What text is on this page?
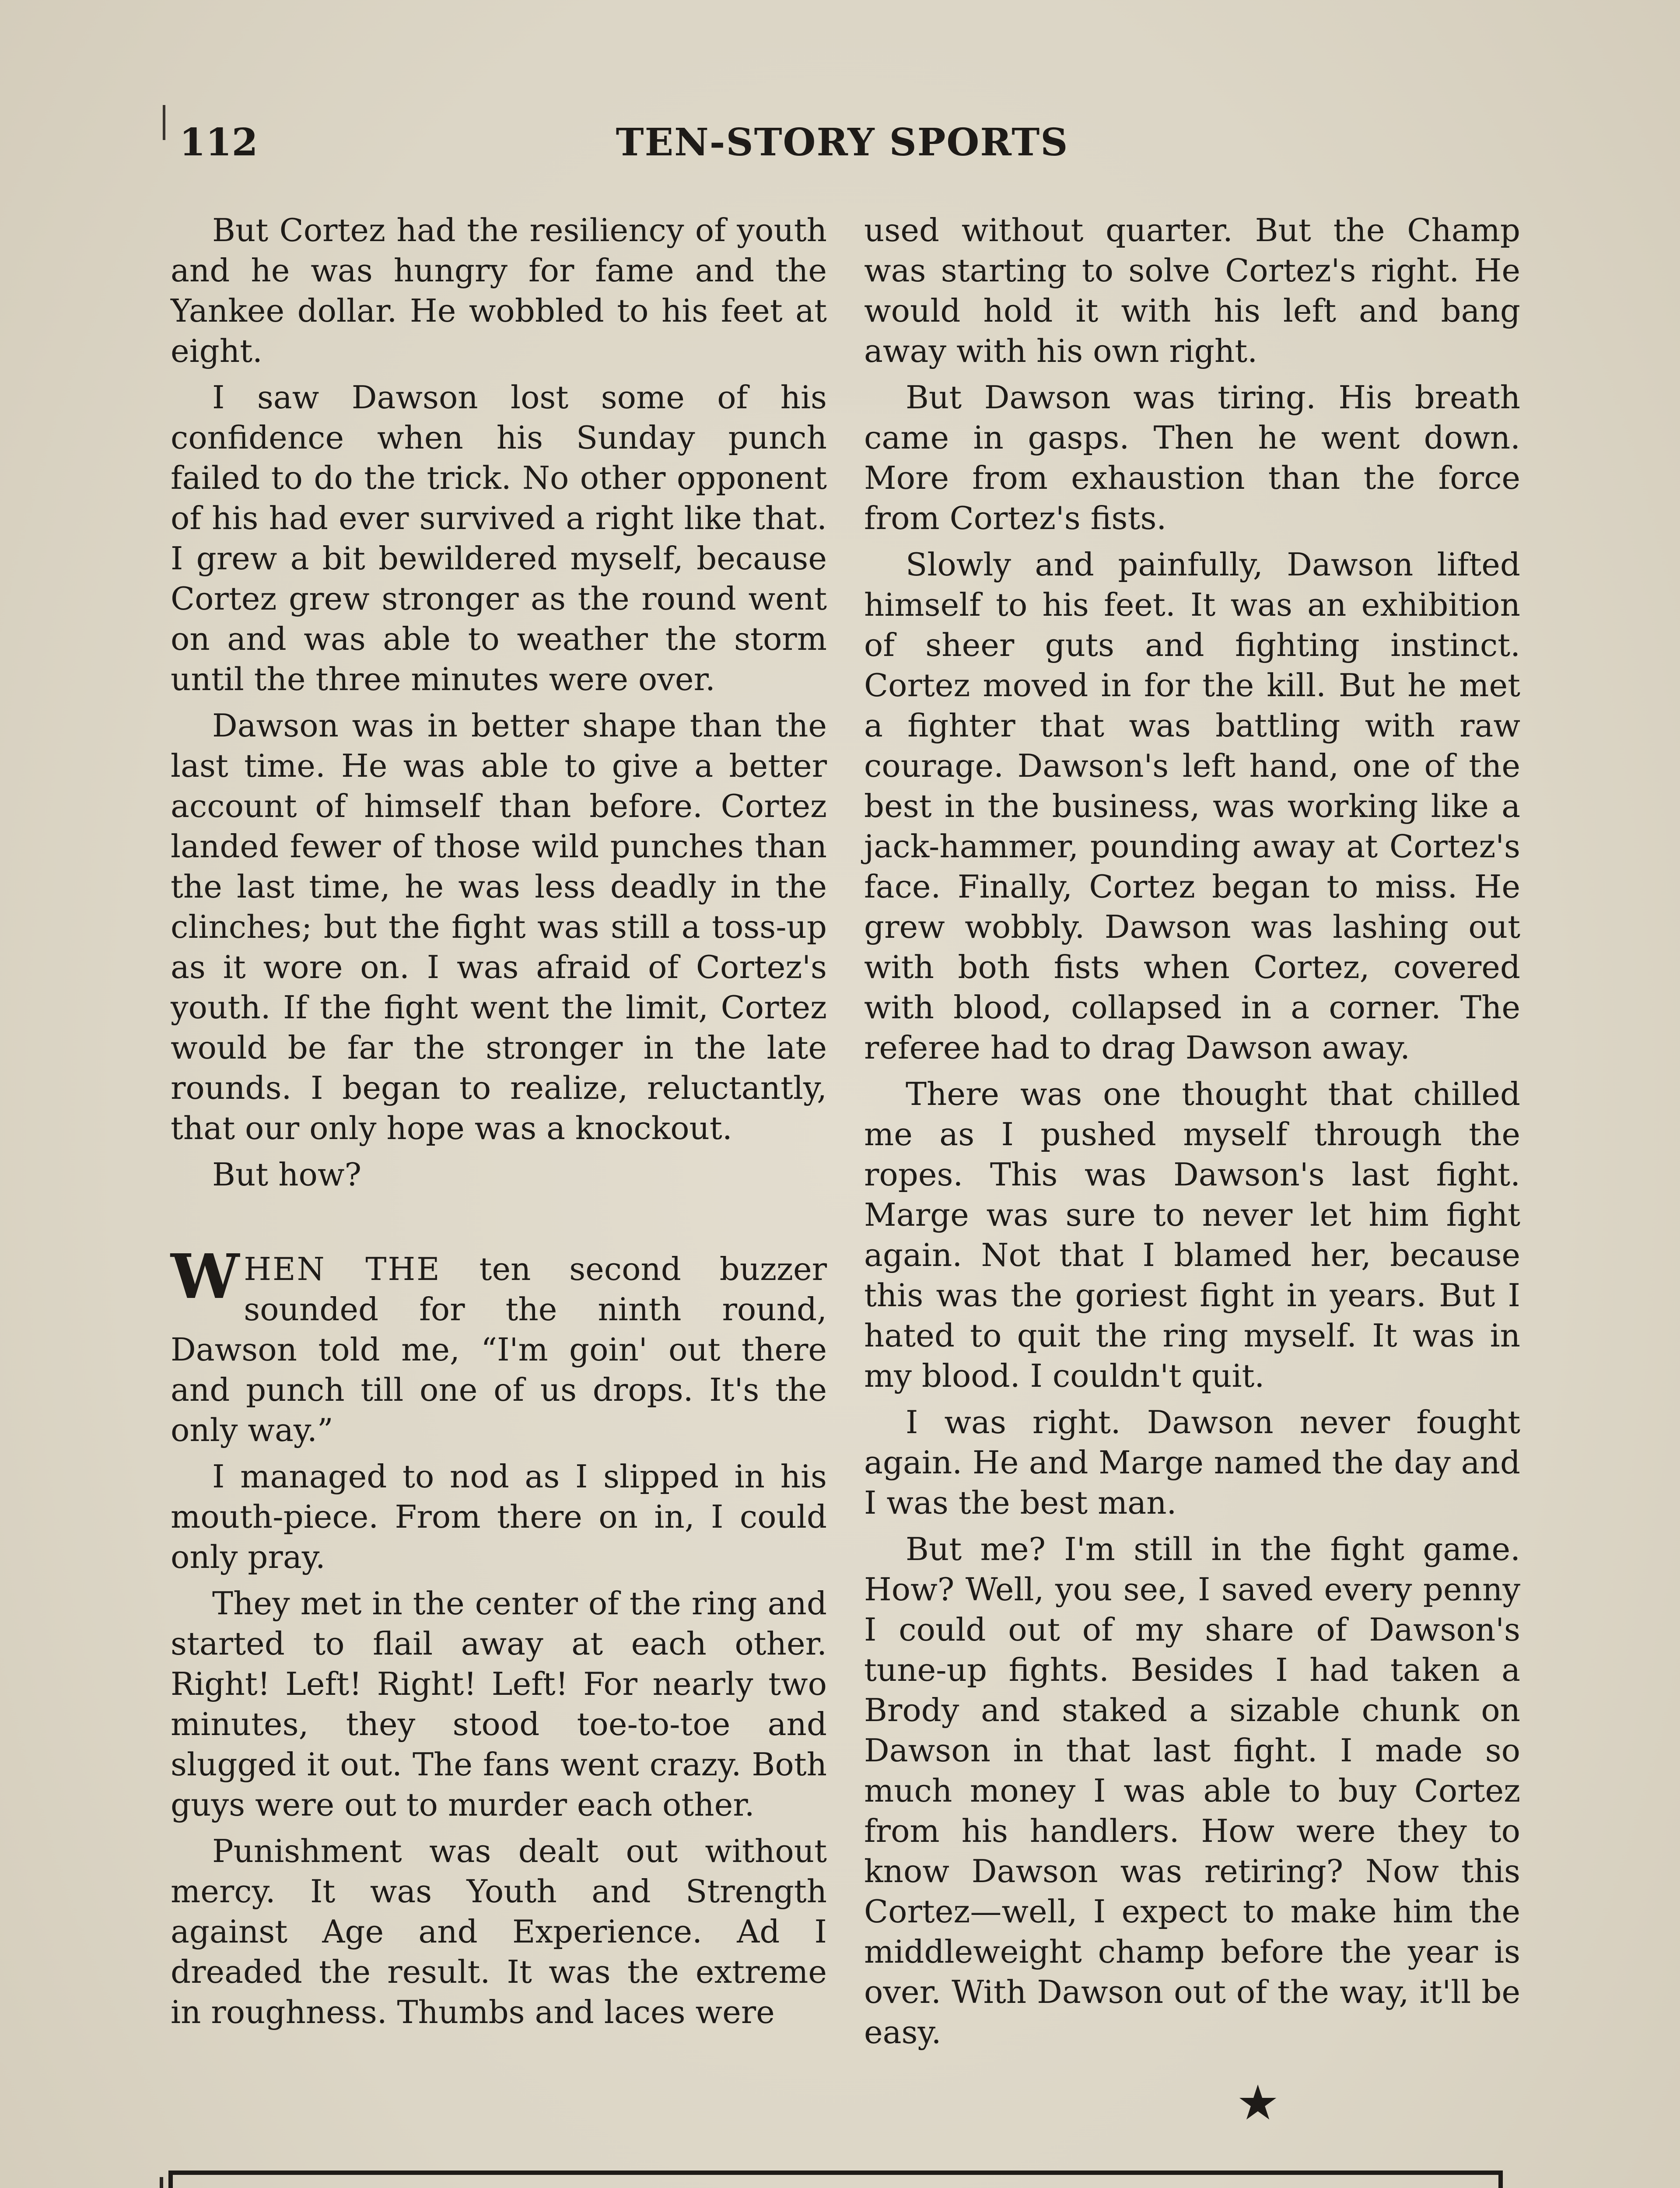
112	TEN-STORY SPORTS

But Cortez had the resiliency of youth and he was hungry for fame and the Yankee dollar. He wobbled to his feet at eight.

I saw Dawson lost some of his confidence when his Sunday punch failed to do the trick. No other opponent of his had ever survived a right like that. I grew a bit bewildered myself, because Cortez grew stronger as the round went on and was able to weather the storm until the three minutes were over.

Dawson was in better shape than the last time. He was able to give a better account of himself than before. Cortez landed fewer of those wild punches than the last time, he was less deadly in the clinches; but the fight was still a toss-up as it wore on. I was afraid of Cortez's youth. If the fight went the limit, Cortez would be far the stronger in the late rounds. I began to realize, reluctantly, that our only hope was a knockout.

But how?

WHEN THE ten second buzzer sounded for the ninth round, Dawson told me, “I'm goin' out there and punch till one of us drops. It's the only way.”

I managed to nod as I slipped in his mouth-piece. From there on in, I could only pray.

They met in the center of the ring and started to flail away at each other. Right! Left! Right! Left! For nearly two minutes, they stood toe-to-toe and slugged it out. The fans went crazy. Both guys were out to murder each other.

Punishment was dealt out without mercy. It was Youth and Strength against Age and Experience. Ad I dreaded the result. It was the extreme in roughness. Thumbs and laces were

used without quarter. But the Champ was starting to solve Cortez's right. He would hold it with his left and bang away with his own right.

But Dawson was tiring. His breath came in gasps. Then he went down. More from exhaustion than the force from Cortez's fists.

Slowly and painfully, Dawson lifted himself to his feet. It was an exhibition of sheer guts and fighting instinct. Cortez moved in for the kill. But he met a fighter that was battling with raw courage. Dawson's left hand, one of the best in the business, was working like a jack-hammer, pounding away at Cortez's face. Finally, Cortez began to miss. He grew wobbly. Dawson was lashing out with both fists when Cortez, covered with blood, collapsed in a corner. The referee had to drag Dawson away.

There was one thought that chilled me as I pushed myself through the ropes. This was Dawson's last fight. Marge was sure to never let him fight again. Not that I blamed her, because this was the goriest fight in years. But I hated to quit the ring myself. It was in my blood. I couldn't quit.

I was right. Dawson never fought again. He and Marge named the day and I was the best man.

But me? I'm still in the fight game. How? Well, you see, I saved every penny I could out of my share of Dawson's tune-up fights. Besides I had taken a Brody and staked a sizable chunk on Dawson in that last fight. I made so much money I was able to buy Cortez from his handlers. How were they to know Dawson was retiring? Now this Cortez—well, I expect to make him the middleweight champ before the year is over. With Dawson out of the way, it'll be easy.

★
